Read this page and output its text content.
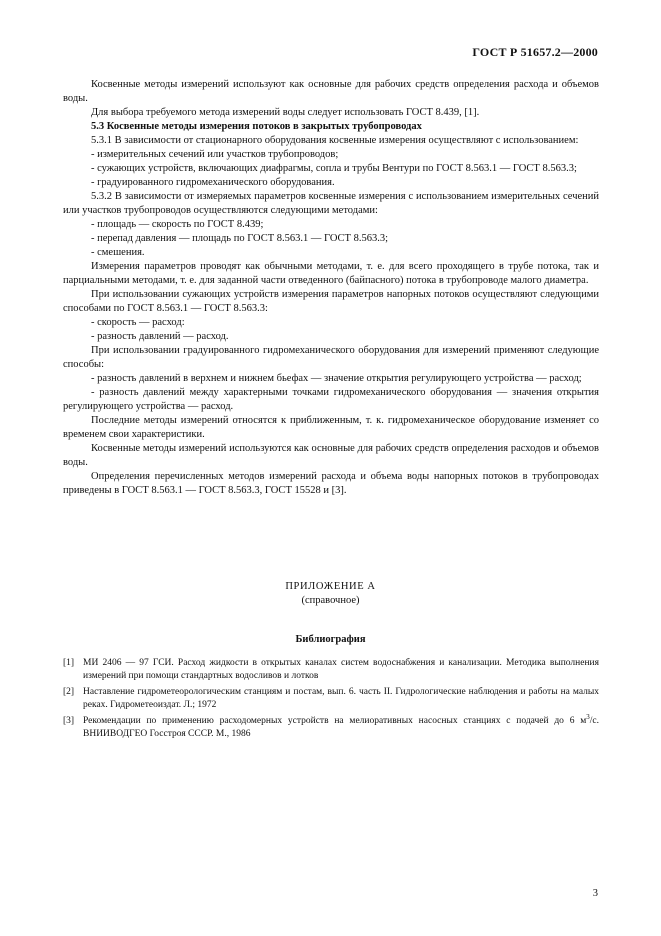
ГОСТ Р 51657.2—2000

Косвенные методы измерений используют как основные для рабочих средств определения расхода и объемов воды.

Для выбора требуемого метода измерений воды следует использовать ГОСТ 8.439, [1].

5.3 Косвенные методы измерения потоков в закрытых трубопроводах

5.3.1 В зависимости от стационарного оборудования косвенные измерения осуществляют с использованием:

- измерительных сечений или участков трубопроводов;

- сужающих устройств, включающих диафрагмы, сопла и трубы Вентури по ГОСТ 8.563.1 — ГОСТ 8.563.3;

- градуированного гидромеханического оборудования.

5.3.2 В зависимости от измеряемых параметров косвенные измерения с использованием измерительных сечений или участков трубопроводов осуществляются следующими методами:

- площадь — скорость по ГОСТ 8.439;

- перепад давления — площадь по ГОСТ 8.563.1 — ГОСТ 8.563.3;

- смешения.

Измерения параметров проводят как обычными методами, т. е. для всего проходящего в трубе потока, так и парциальными методами, т. е. для заданной части отведенного (байпасного) потока в трубопроводе малого диаметра.

При использовании сужающих устройств измерения параметров напорных потоков осуществляют следующими способами по ГОСТ 8.563.1 — ГОСТ 8.563.3:

- скорость — расход:

- разность давлений — расход.

При использовании градуированного гидромеханического оборудования для измерений применяют следующие способы:

- разность давлений в верхнем и нижнем бьефах — значение открытия регулирующего устройства — расход;

- разность давлений между характерными точками гидромеханического оборудования — значения открытия регулирующего устройства — расход.

Последние методы измерений относятся к приближенным, т. к. гидромеханическое оборудование изменяет со временем свои характеристики.

Косвенные методы измерений используются как основные для рабочих средств определения расходов и объемов воды.

Определения перечисленных методов измерений расхода и объема воды напорных потоков в трубопроводах приведены в ГОСТ 8.563.1 — ГОСТ 8.563.3, ГОСТ 15528 и [3].

ПРИЛОЖЕНИЕ А
(справочное)
Библиография
[1] МИ 2406 — 97 ГСИ. Расход жидкости в открытых каналах систем водоснабжения и канализации. Методика выполнения измерений при помощи стандартных водосливов и лотков
[2] Наставление гидрометеорологическим станциям и постам, вып. 6. часть II. Гидрологические наблюдения и работы на малых реках. Гидрометеоиздат. Л.; 1972
[3] Рекомендации по применению расходомерных устройств на мелиоративных насосных станциях с подачей до 6 $м^3/с$. ВНИИВОДГЕО Госстроя СССР. М., 1986
3
